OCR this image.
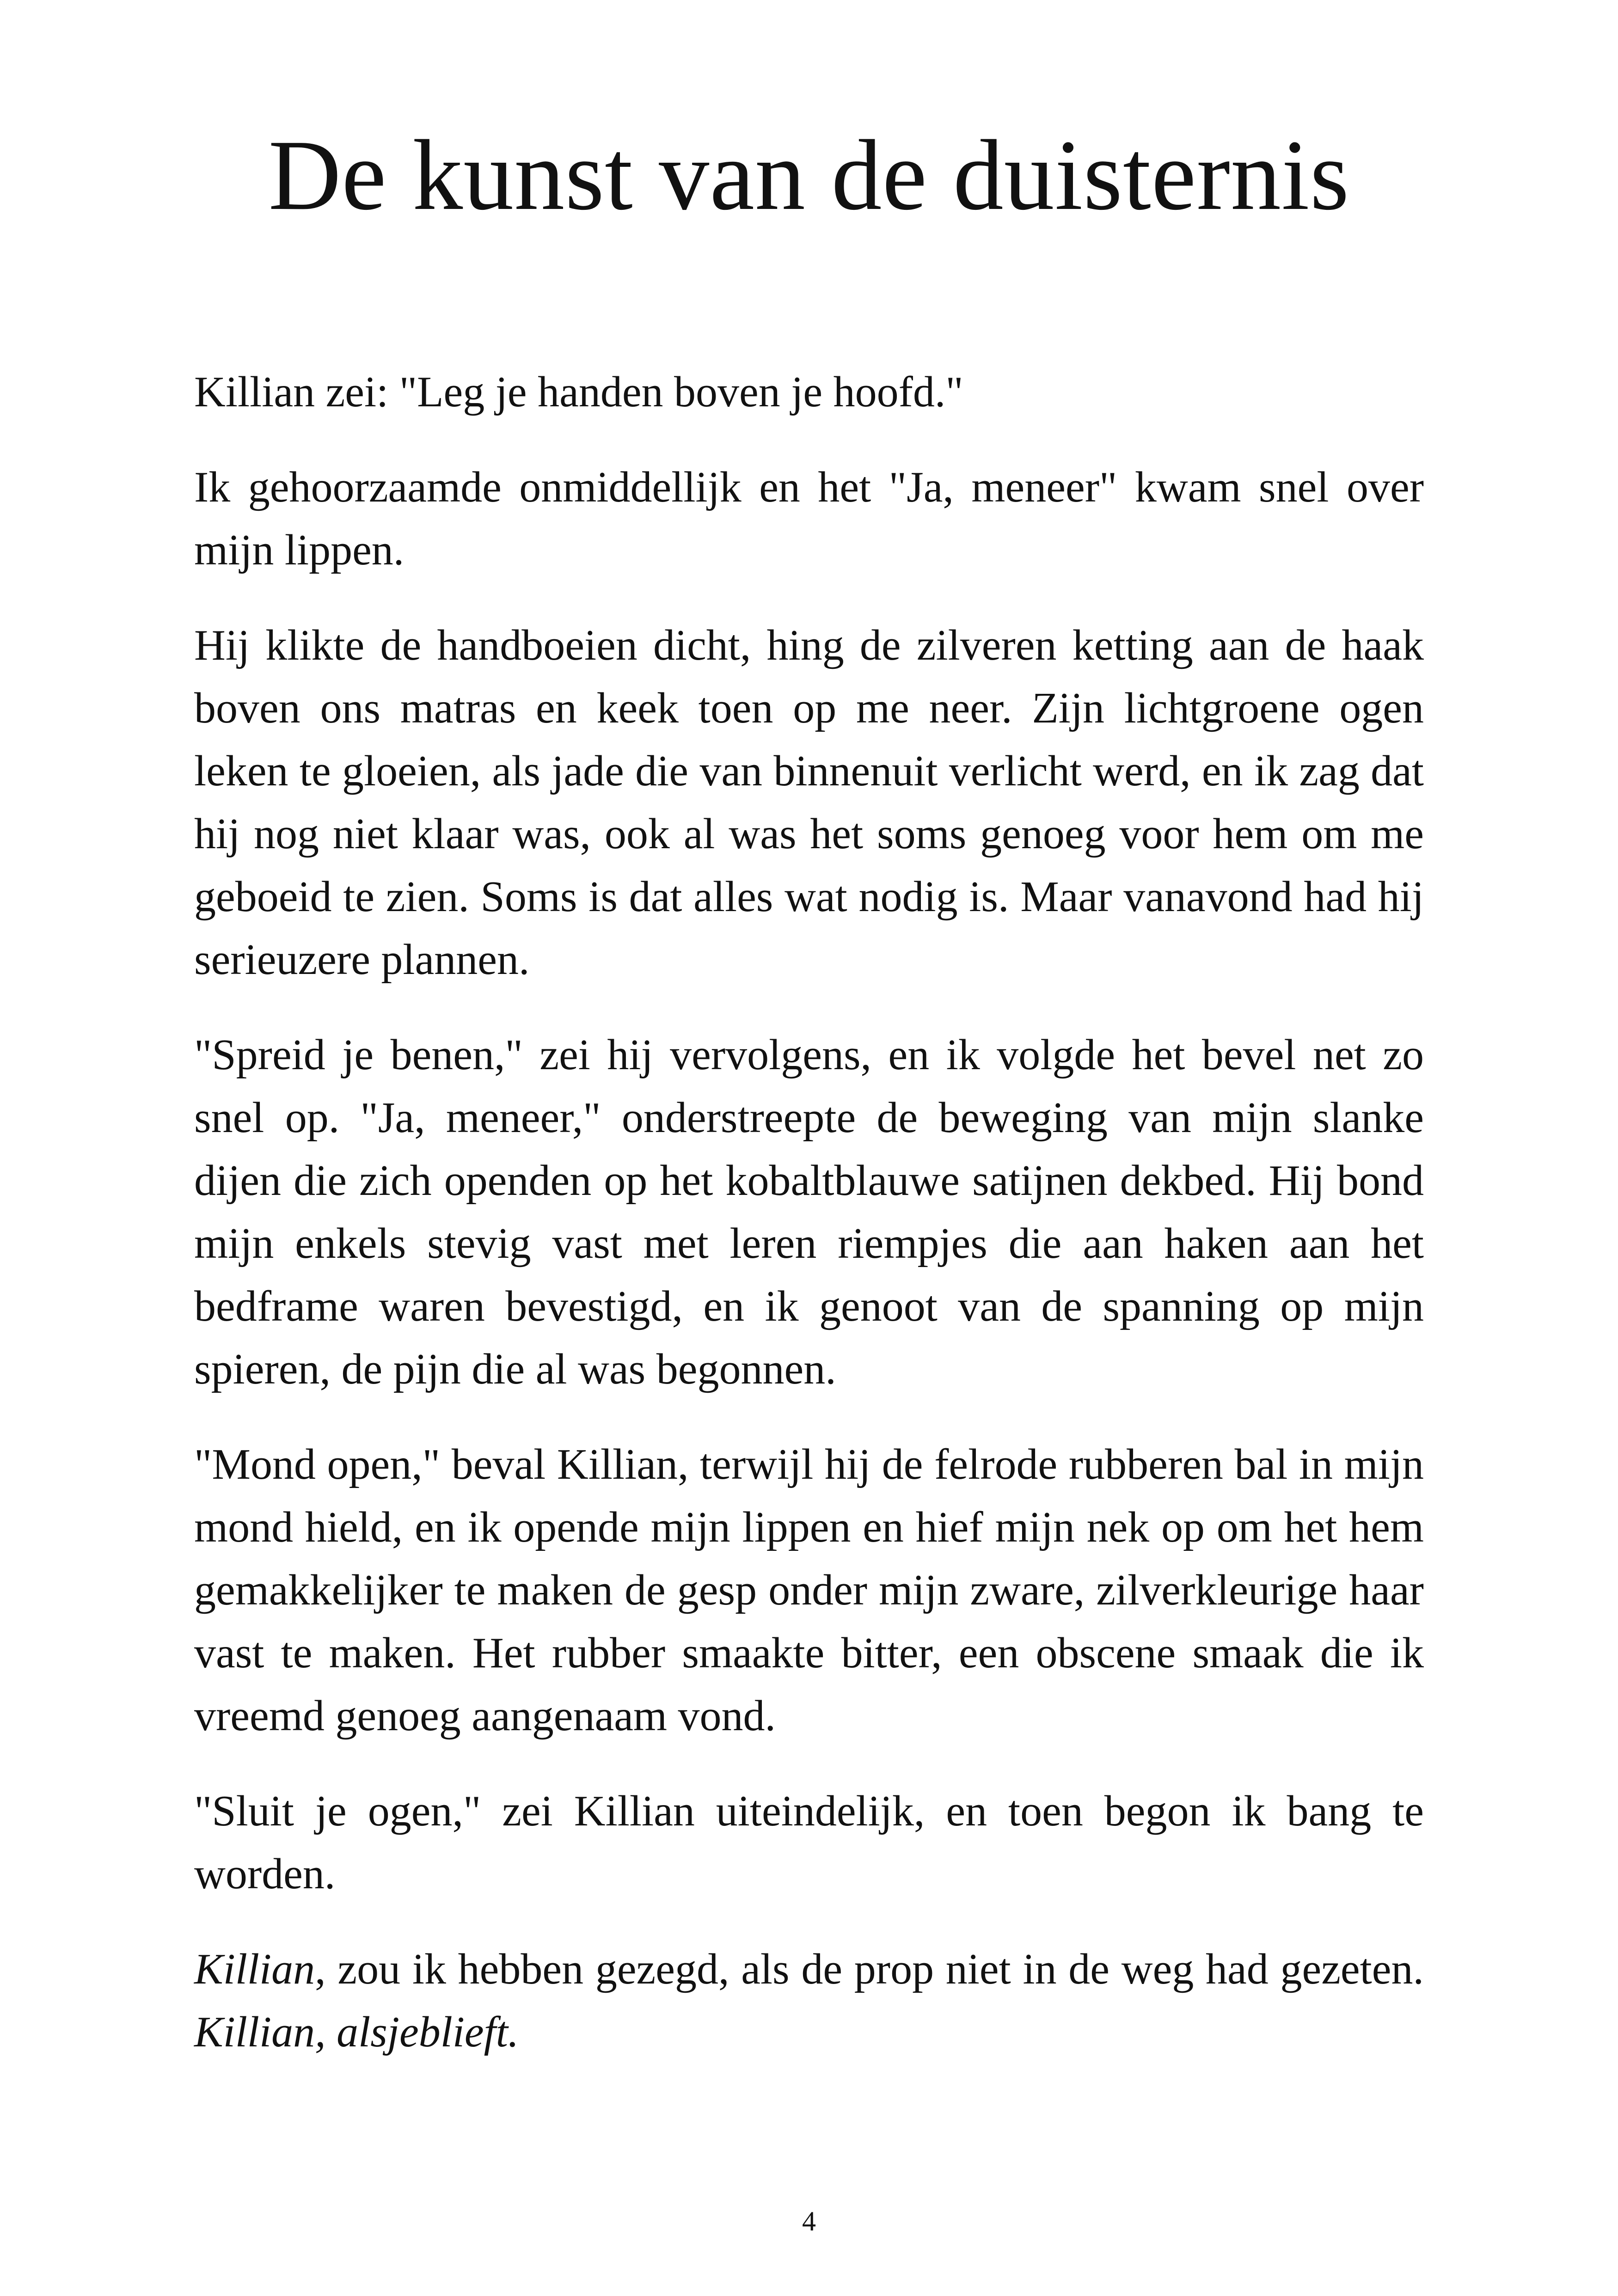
De kunst van de duisternis

Killian zei: "Leg je handen boven je hoofd."

Ik gehoorzaamde onmiddellijk en het "Ja, meneer" kwam snel over mijn lippen.

Hij klikte de handboeien dicht, hing de zilveren ketting aan de haak boven ons matras en keek toen op me neer. Zijn lichtgroene ogen leken te gloeien, als jade die van binnenuit verlicht werd, en ik zag dat hij nog niet klaar was, ook al was het soms genoeg voor hem om me geboeid te zien. Soms is dat alles wat nodig is. Maar vanavond had hij serieuzere plannen.

"Spreid je benen," zei hij vervolgens, en ik volgde het bevel net zo snel op. "Ja, meneer," onderstreepte de beweging van mijn slanke dijen die zich openden op het kobaltblauwe satijnen dekbed. Hij bond mijn enkels stevig vast met leren riempjes die aan haken aan het bedframe waren bevestigd, en ik genoot van de spanning op mijn spieren, de pijn die al was begonnen.

"Mond open," beval Killian, terwijl hij de felrode rubberen bal in mijn mond hield, en ik opende mijn lippen en hief mijn nek op om het hem gemakkelijker te maken de gesp onder mijn zware, zilverkleurige haar vast te maken. Het rubber smaakte bitter, een obscene smaak die ik vreemd genoeg aangenaam vond.

"Sluit je ogen," zei Killian uiteindelijk, en toen begon ik bang te worden.

Killian, zou ik hebben gezegd, als de prop niet in de weg had gezeten. Killian, alsjeblieft.

4
